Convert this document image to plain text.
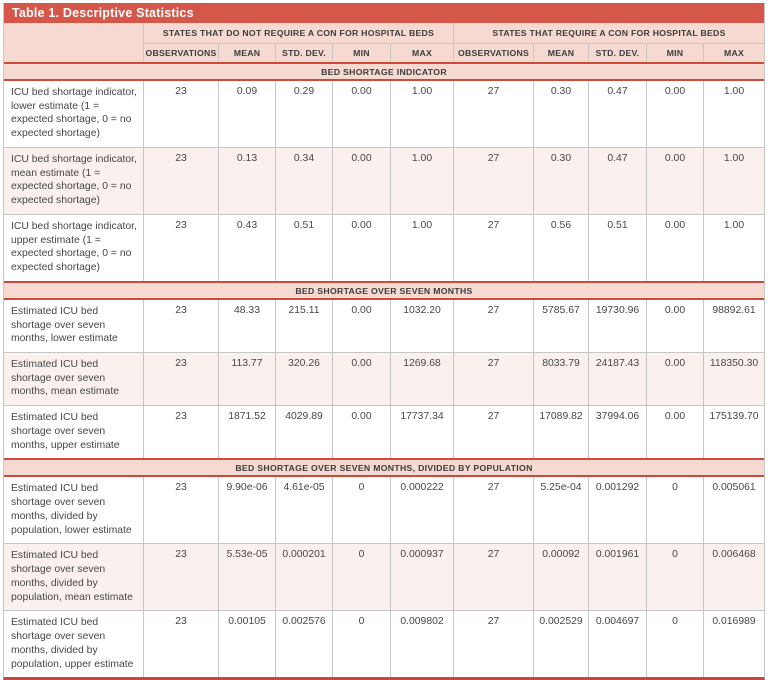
Table 1. Descriptive Statistics
STATES THAT DO NOT REQUIRE A CON FOR HOSPITAL BEDS	STATES THAT REQUIRE A CON FOR HOSPITAL BEDS
OBSERVATIONS	MEAN	STD. DEV.	MIN	MAX	OBSERVATIONS	MEAN	STD. DEV.	MIN	MAX
BED SHORTAGE INDICATOR
ICU bed shortage indicator, lower estimate (1 = expected shortage, 0 = no expected shortage)
23	0.09	0.29	0.00	1.00	27	0.30	0.47	0.00	1.00
ICU bed shortage indicator, mean estimate (1 = expected shortage, 0 = no expected shortage)
23	0.13	0.34	0.00	1.00	27	0.30	0.47	0.00	1.00
ICU bed shortage indicator, upper estimate (1 = expected shortage, 0 = no expected shortage)
23	0.43	0.51	0.00	1.00	27	0.56	0.51	0.00	1.00
BED SHORTAGE OVER SEVEN MONTHS
Estimated ICU bed shortage over seven months, lower estimate
23	48.33	215.11	0.00	1032.20	27	5785.67	19730.96	0.00	98892.61
Estimated ICU bed shortage over seven months, mean estimate
23	113.77	320.26	0.00	1269.68	27	8033.79	24187.43	0.00	118350.30
Estimated ICU bed shortage over seven months, upper estimate
23	1871.52	4029.89	0.00	17737.34	27	17089.82	37994.06	0.00	175139.70
BED SHORTAGE OVER SEVEN MONTHS, DIVIDED BY POPULATION
Estimated ICU bed shortage over seven months, divided by population, lower estimate
23	9.90e-06	4.61e-05	0	0.000222	27	5.25e-04	0.001292	0	0.005061
Estimated ICU bed shortage over seven months, divided by population, mean estimate
23	5.53e-05	0.000201	0	0.000937	27	0.00092	0.001961	0	0.006468
Estimated ICU bed shortage over seven months, divided by population, upper estimate
23	0.00105	0.002576	0	0.009802	27	0.002529	0.004697	0	0.016989
